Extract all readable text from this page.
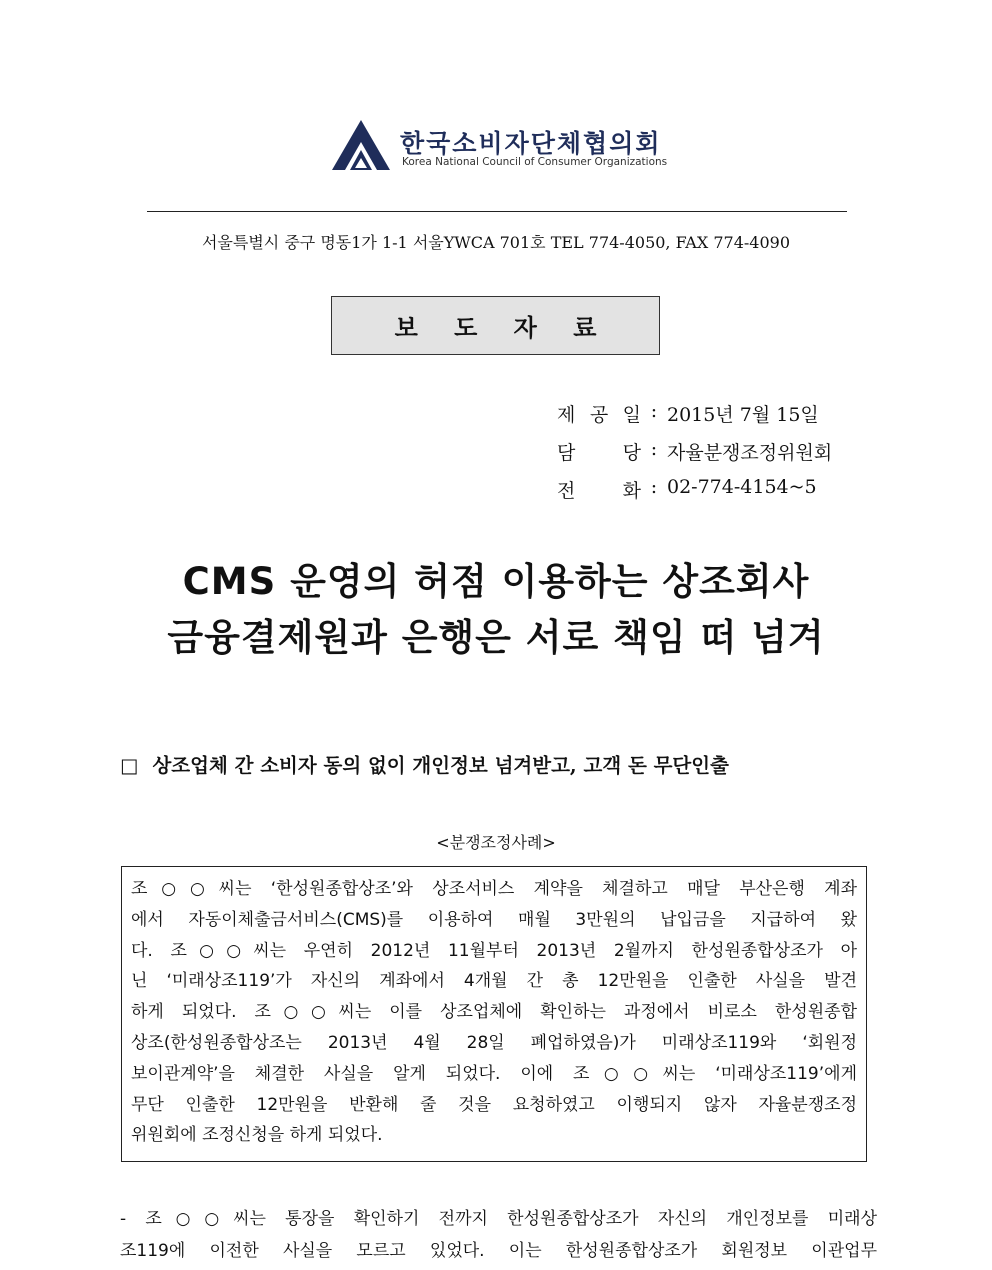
한국소비자단체협의회
Korea National Council of Consumer Organizations
서울특별시 중구 명동1가 1-1 서울YWCA 701호 TEL 774-4050, FAX 774-4090
보 도 자 료
제 공 일 : 2015년 7월 15일
담 당 : 자율분쟁조정위원회
전 화 : 02-774-4154~5
CMS 운영의 허점 이용하는 상조회사
금융결제원과 은행은 서로 책임 떠 넘겨
□ 상조업체 간 소비자 동의 없이 개인정보 넘겨받고, 고객 돈 무단인출
<분쟁조정사례>
조○○씨는 ‘한성원종합상조’와 상조서비스 계약을 체결하고 매달 부산은행 계좌
에서 자동이체출금서비스(CMS)를 이용하여 매월 3만원의 납입금을 지급하여 왔
다. 조○○씨는 우연히 2012년 11월부터 2013년 2월까지 한성원종합상조가 아
닌 ‘미래상조119’가 자신의 계좌에서 4개월 간 총 12만원을 인출한 사실을 발견
하게 되었다. 조○○씨는 이를 상조업체에 확인하는 과정에서 비로소 한성원종합
상조(한성원종합상조는 2013년 4월 28일 폐업하였음)가 미래상조119와 ‘회원정
보이관계약’을 체결한 사실을 알게 되었다. 이에 조○○씨는 ‘미래상조119’에게
무단 인출한 12만원을 반환해 줄 것을 요청하였고 이행되지 않자 자율분쟁조정
위원회에 조정신청을 하게 되었다.
- 조○○씨는 통장을 확인하기 전까지 한성원종합상조가 자신의 개인정보를 미래상
조119에 이전한 사실을 모르고 있었다. 이는 한성원종합상조가 회원정보 이관업무
